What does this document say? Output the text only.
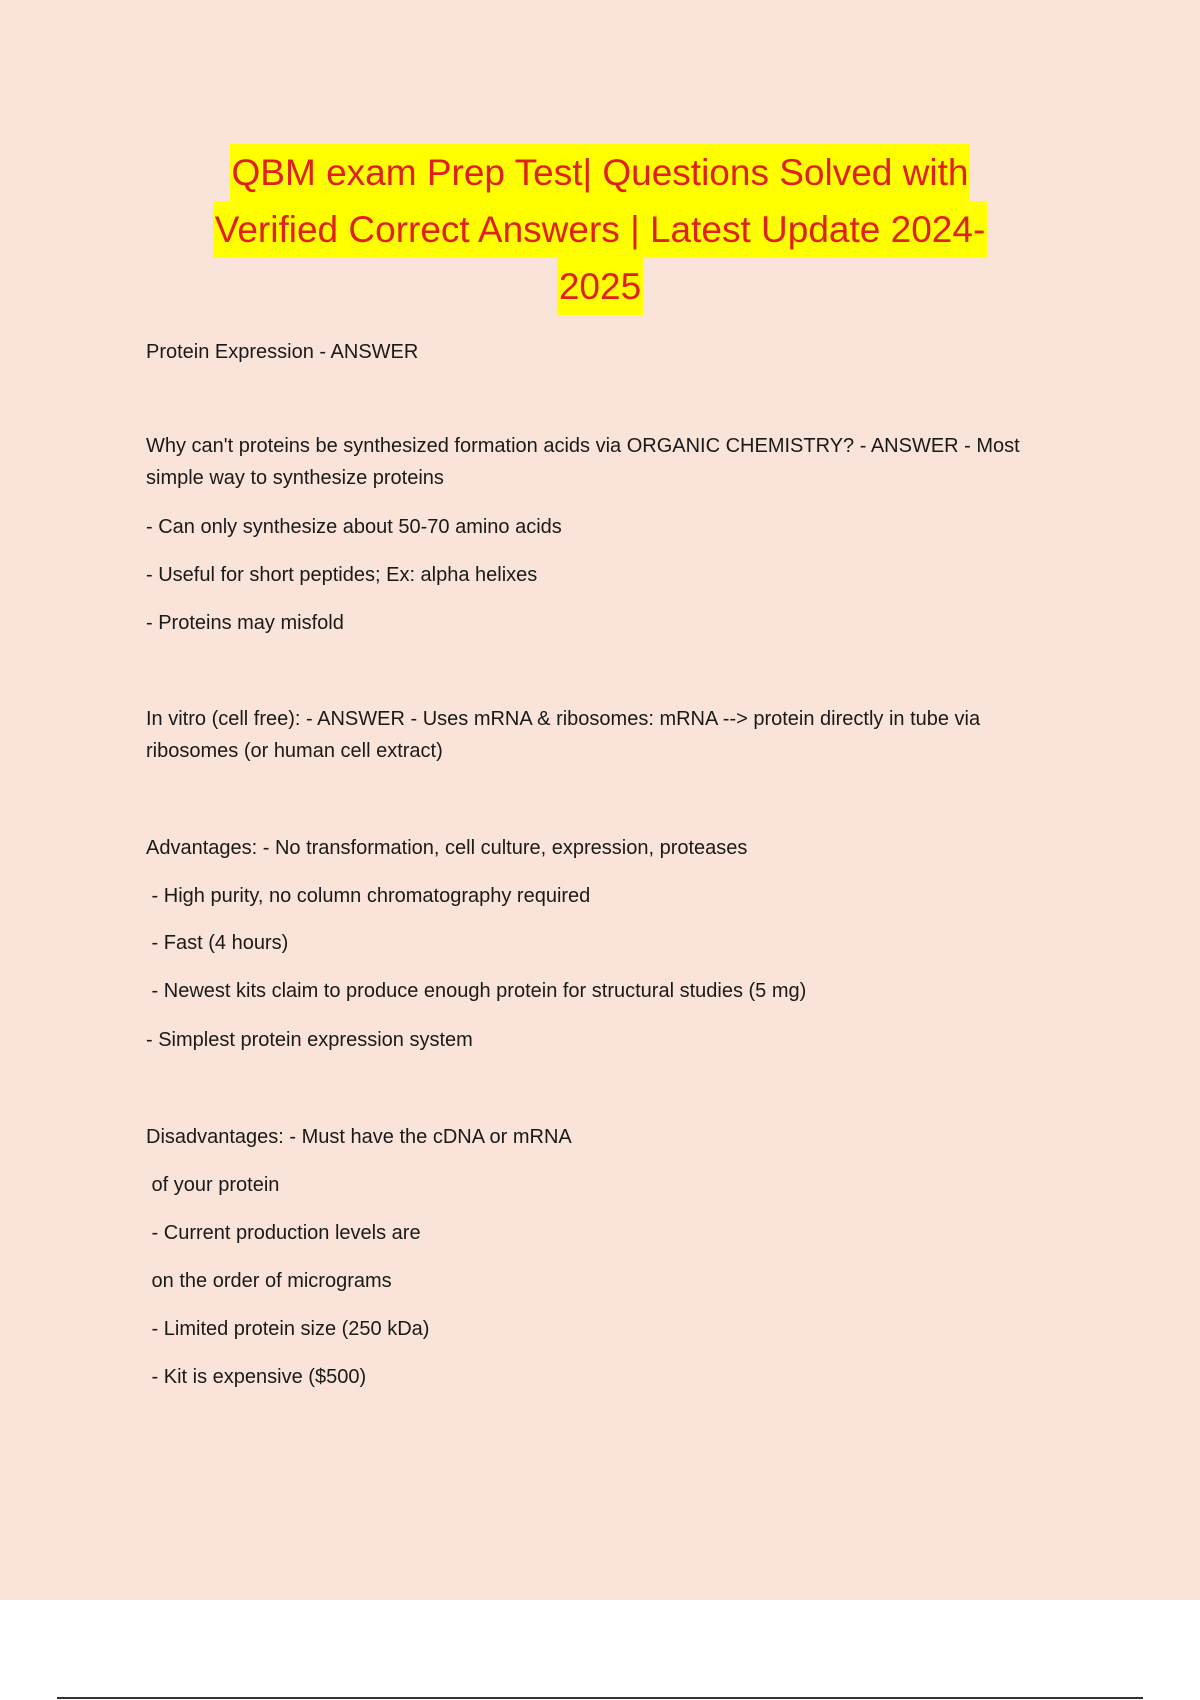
QBM exam Prep Test| Questions Solved with
Verified Correct Answers | Latest Update 2024-
2025
Protein Expression - ANSWER
Why can't proteins be synthesized formation acids via ORGANIC CHEMISTRY? - ANSWER - Most
simple way to synthesize proteins
- Can only synthesize about 50-70 amino acids
- Useful for short peptides; Ex: alpha helixes
- Proteins may misfold
In vitro (cell free): - ANSWER - Uses mRNA & ribosomes: mRNA --> protein directly in tube via
ribosomes (or human cell extract)
Advantages: - No transformation, cell culture, expression, proteases
- High purity, no column chromatography required
- Fast (4 hours)
- Newest kits claim to produce enough protein for structural studies (5 mg)
- Simplest protein expression system
Disadvantages: - Must have the cDNA or mRNA
of your protein
- Current production levels are
on the order of micrograms
- Limited protein size (250 kDa)
- Kit is expensive ($500)
